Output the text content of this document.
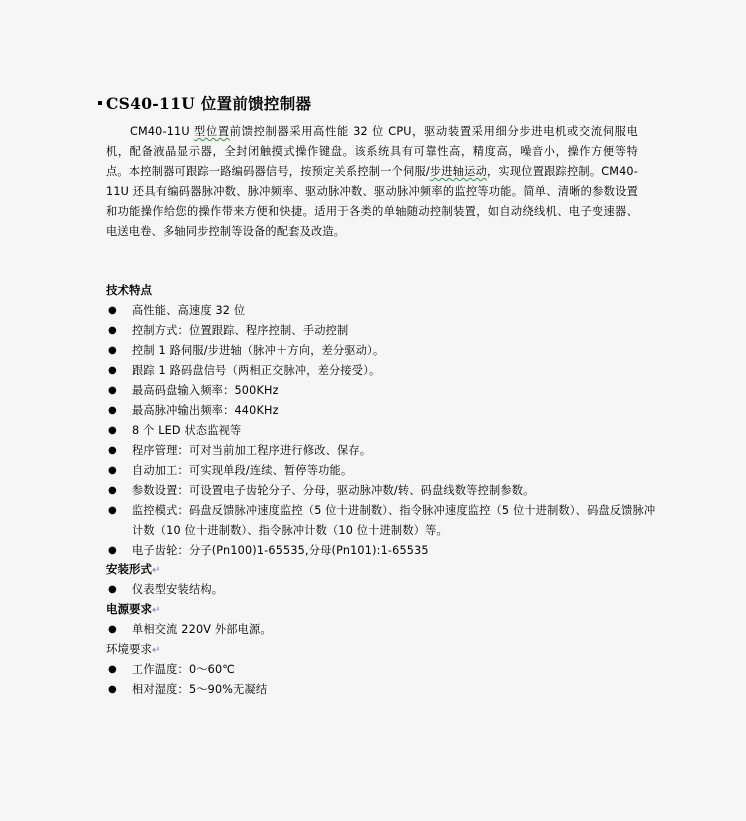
CS40-11U 位置前馈控制器
CM40-11U 型位置前馈控制器采用高性能 32 位 CPU，驱动装置采用细分步进电机或交流伺服电机，配备液晶显示器，全封闭触摸式操作键盘。该系统具有可靠性高，精度高，噪音小，操作方便等特点。本控制器可跟踪一路编码器信号，按预定关系控制一个伺服/步进轴运动，实现位置跟踪控制。CM40-11U 还具有编码器脉冲数、脉冲频率、驱动脉冲数、驱动脉冲频率的监控等功能。简单、清晰的参数设置和功能操作给您的操作带来方便和快捷。适用于各类的单轴随动控制装置，如自动绕线机、电子变速器、电送电卷、多轴同步控制等设备的配套及改造。
技术特点
● 高性能、高速度 32 位
● 控制方式：位置跟踪、程序控制、手动控制
● 控制 1 路伺服/步进轴（脉冲＋方向，差分驱动）。
● 跟踪 1 路码盘信号（两相正交脉冲，差分接受）。
● 最高码盘输入频率：500KHz
● 最高脉冲输出频率：440KHz
● 8 个 LED 状态监视等
● 程序管理：可对当前加工程序进行修改、保存。
● 自动加工：可实现单段/连续、暂停等功能。
● 参数设置：可设置电子齿轮分子、分母，驱动脉冲数/转、码盘线数等控制参数。
● 监控模式：码盘反馈脉冲速度监控（5 位十进制数）、指令脉冲速度监控（5 位十进制数）、码盘反馈脉冲计数（10 位十进制数）、指令脉冲计数（10 位十进制数）等。
● 电子齿轮：分子(Pn100)1-65535,分母(Pn101):1-65535
安装形式↵
● 仪表型安装结构。
电源要求↵
● 单相交流 220V 外部电源。
环境要求↵
● 工作温度：0～60℃
● 相对湿度：5～90%无凝结
